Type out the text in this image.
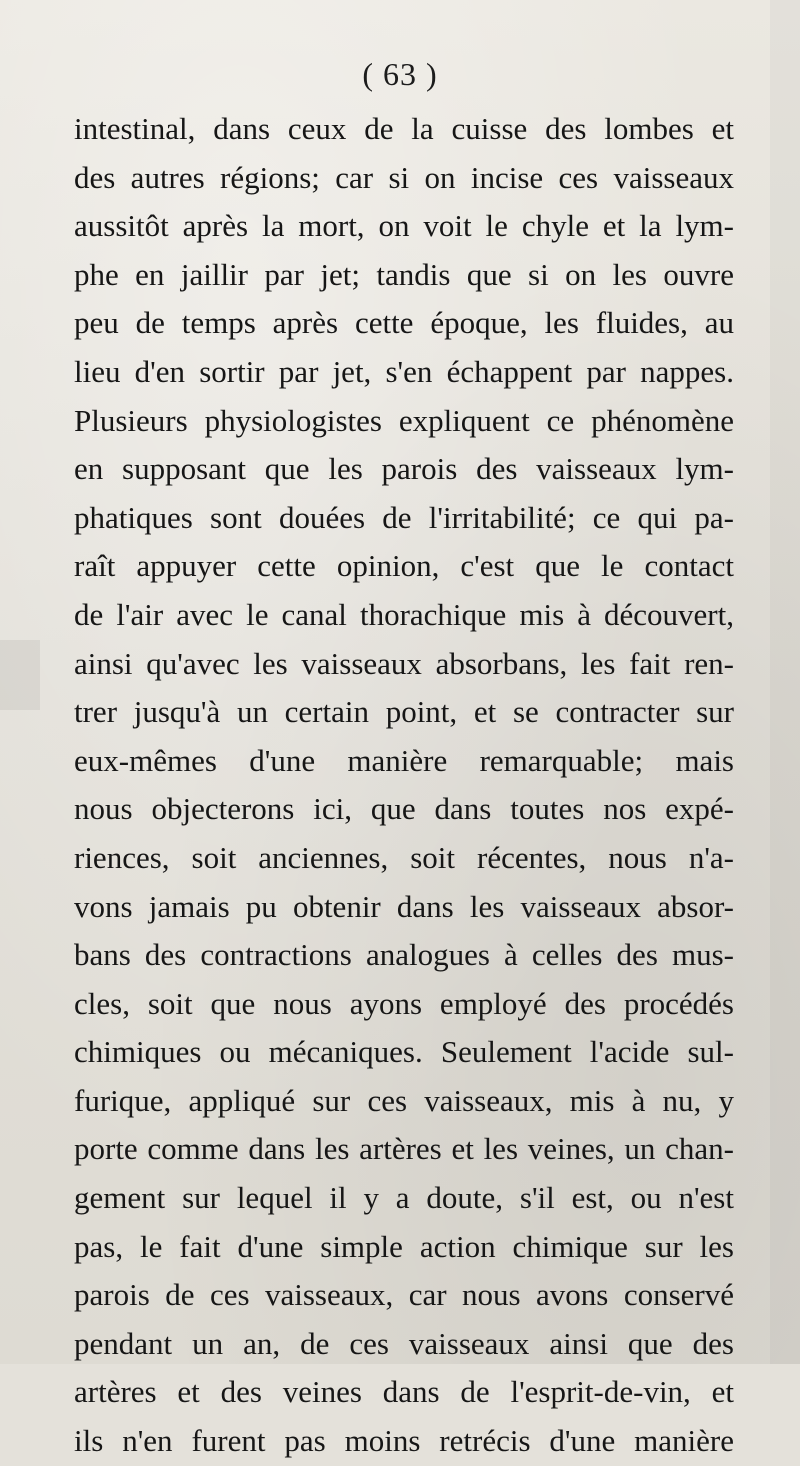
( 63 )
intestinal, dans ceux de la cuisse des lombes et
des autres régions; car si on incise ces vaisseaux
aussitôt après la mort, on voit le chyle et la lym-
phe en jaillir par jet; tandis que si on les ouvre
peu de temps après cette époque, les fluides, au
lieu d'en sortir par jet, s'en échappent par nappes.
Plusieurs physiologistes expliquent ce phénomène
en supposant que les parois des vaisseaux lym-
phatiques sont douées de l'irritabilité; ce qui pa-
raît appuyer cette opinion, c'est que le contact
de l'air avec le canal thorachique mis à découvert,
ainsi qu'avec les vaisseaux absorbans, les fait ren-
trer jusqu'à un certain point, et se contracter sur
eux-mêmes d'une manière remarquable; mais
nous objecterons ici, que dans toutes nos expé-
riences, soit anciennes, soit récentes, nous n'a-
vons jamais pu obtenir dans les vaisseaux absor-
bans des contractions analogues à celles des mus-
cles, soit que nous ayons employé des procédés
chimiques ou mécaniques. Seulement l'acide sul-
furique, appliqué sur ces vaisseaux, mis à nu, y
porte comme dans les artères et les veines, un chan-
gement sur lequel il y a doute, s'il est, ou n'est
pas, le fait d'une simple action chimique sur les
parois de ces vaisseaux, car nous avons conservé
pendant un an, de ces vaisseaux ainsi que des
artères et des veines dans de l'esprit-de-vin, et
ils n'en furent pas moins retrécis d'une manière
